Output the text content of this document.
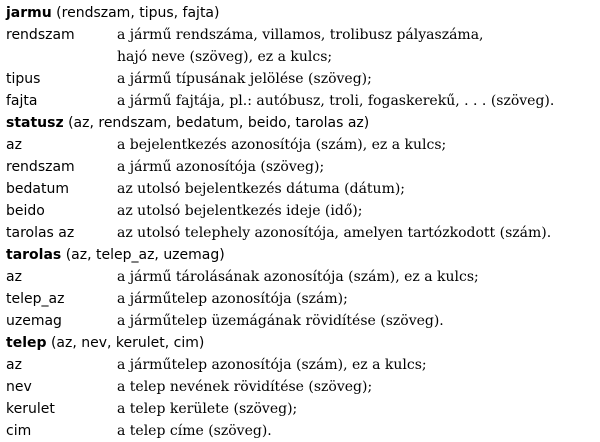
jarmu (rendszam, tipus, fajta)
rendszam	a jármű rendszáma, villamos, trolibusz pályaszáma,
hajó neve (szöveg), ez a kulcs;
tipus	a jármű típusának jelölése (szöveg);
fajta	a jármű fajtája, pl.: autóbusz, troli, fogaskerekű, . . . (szöveg).
statusz (az, rendszam, bedatum, beido, tarolas az)
az	a bejelentkezés azonosítója (szám), ez a kulcs;
rendszam	a jármű azonosítója (szöveg);
bedatum	az utolsó bejelentkezés dátuma (dátum);
beido	az utolsó bejelentkezés ideje (idő);
tarolas az	az utolsó telephely azonosítója, amelyen tartózkodott (szám).
tarolas (az, telep_az, uzemag)
az	a jármű tárolásának azonosítója (szám), ez a kulcs;
telep_az	a járműtelep azonosítója (szám);
uzemag	a járműtelep üzemágának rövidítése (szöveg).
telep (az, nev, kerulet, cim)
az	a járműtelep azonosítója (szám), ez a kulcs;
nev	a telep nevének rövidítése (szöveg);
kerulet	a telep kerülete (szöveg);
cim	a telep címe (szöveg).
